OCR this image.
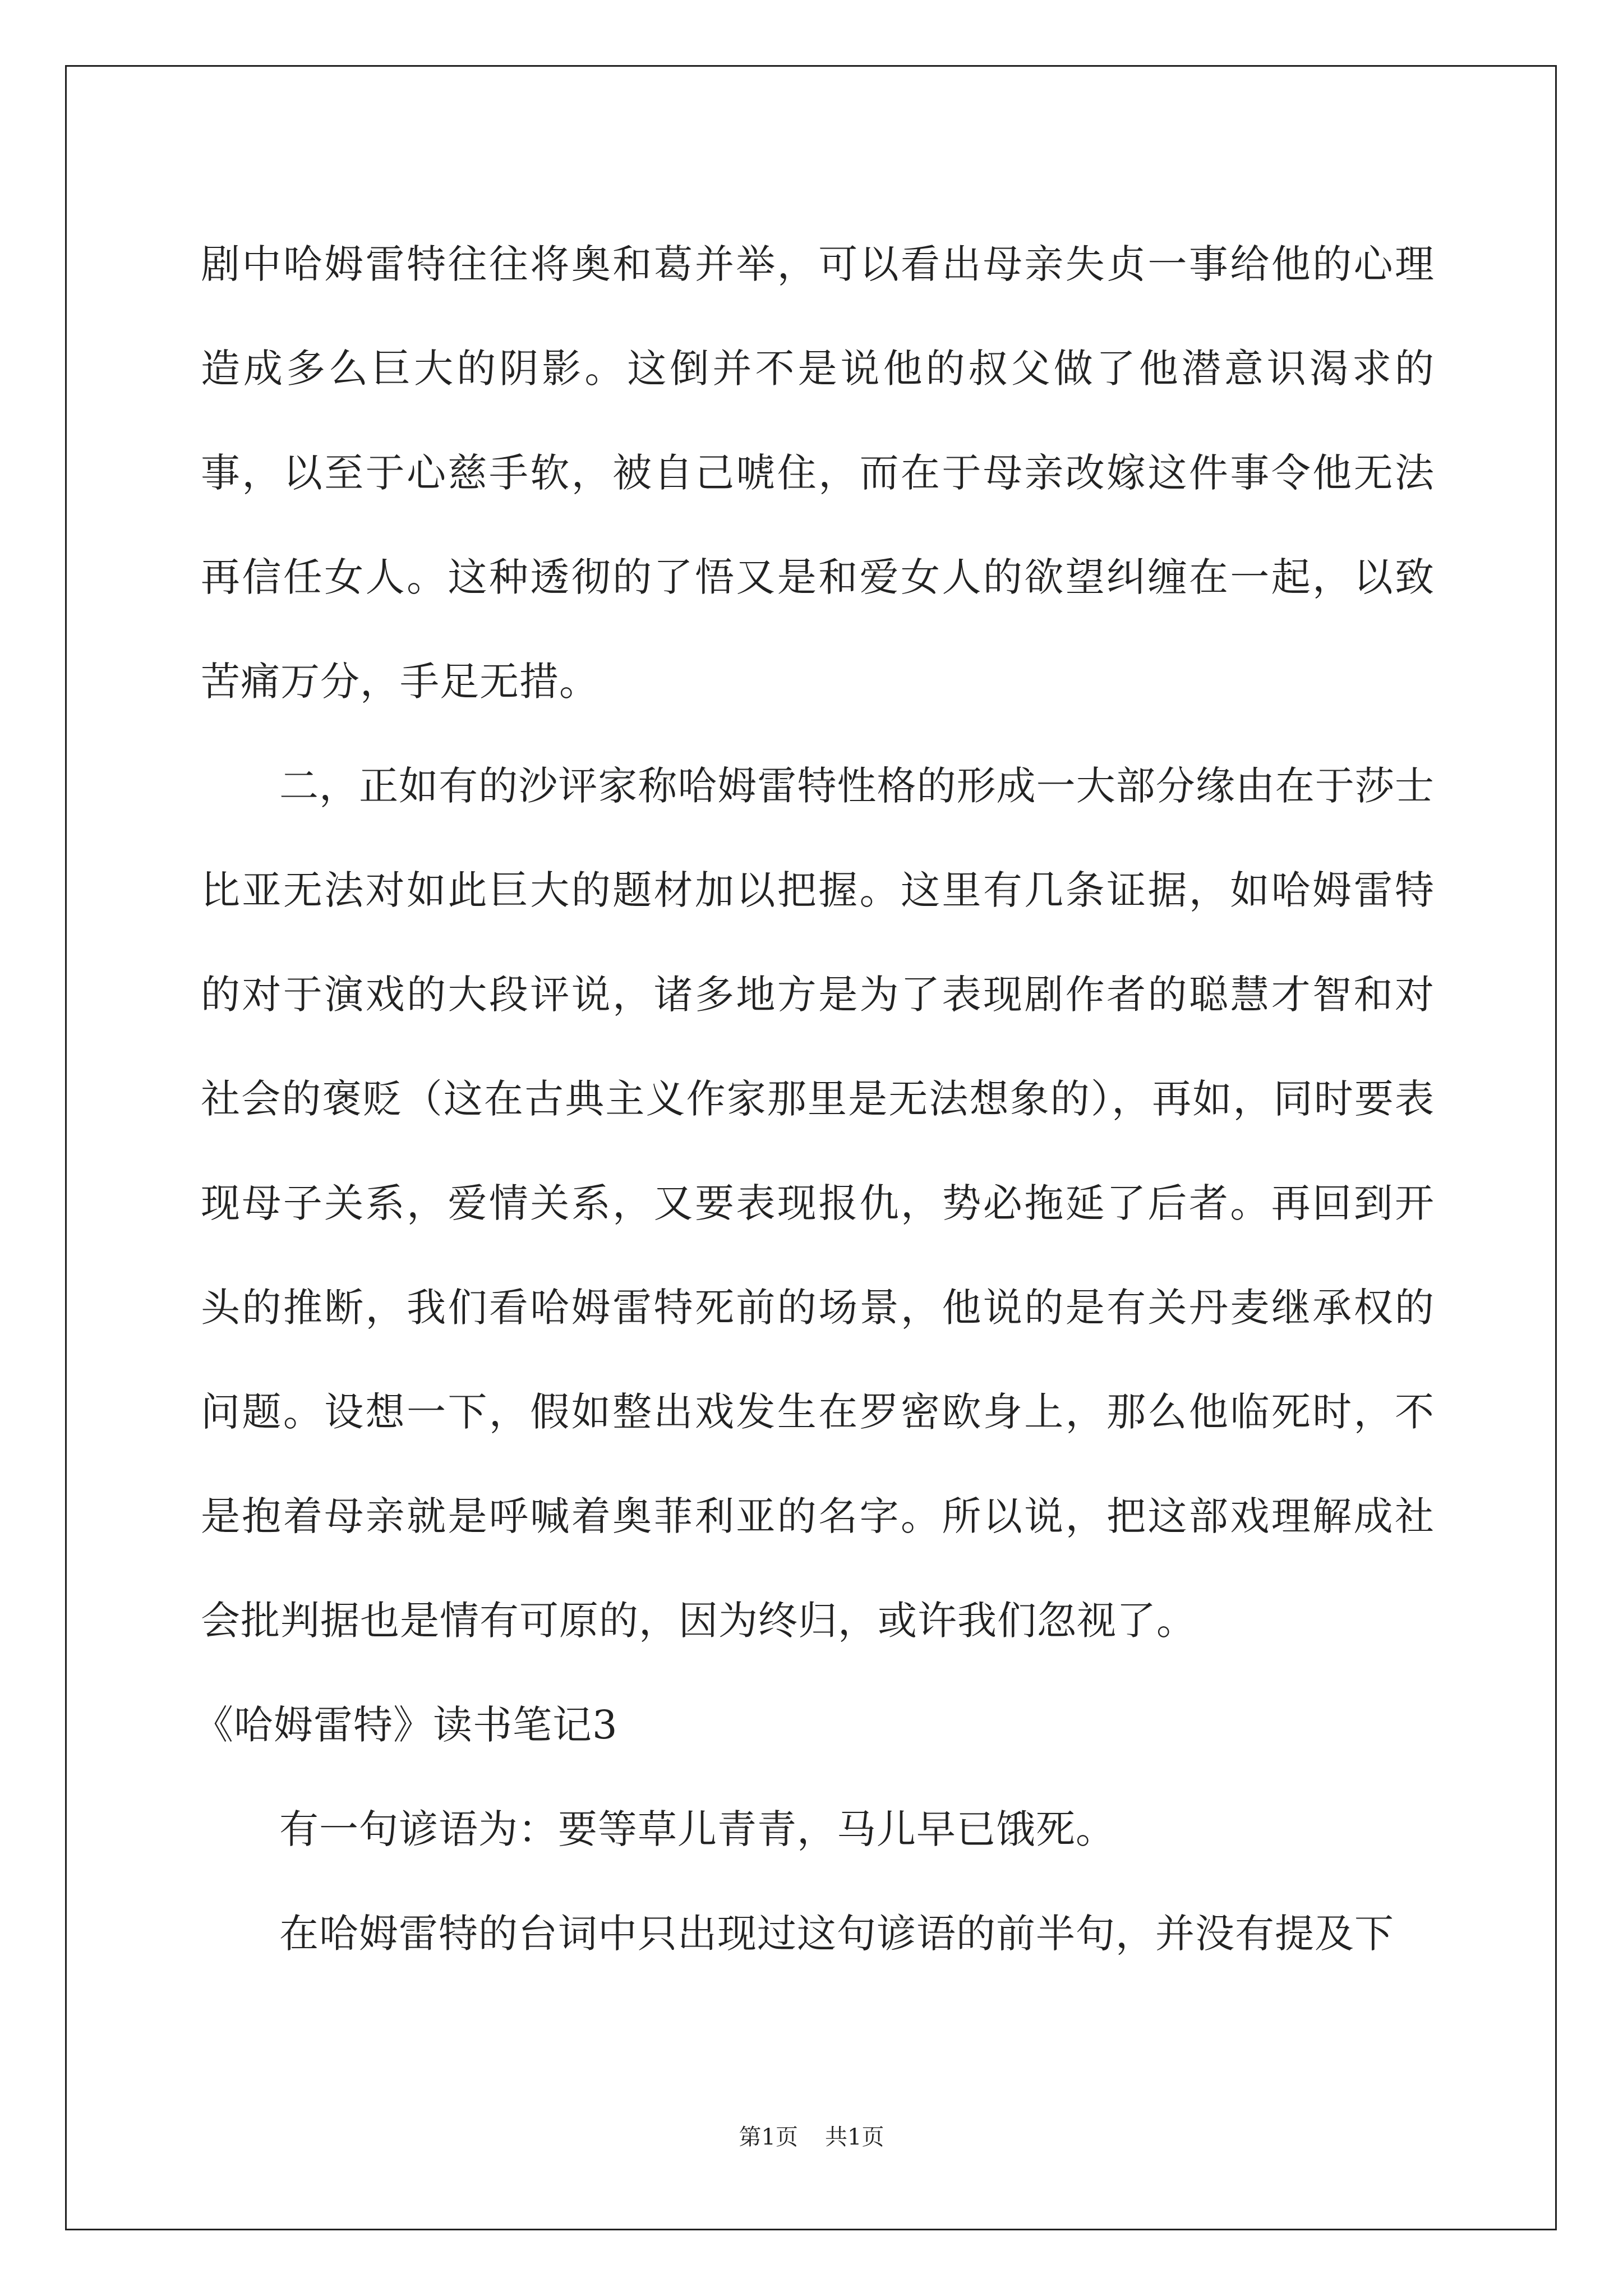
剧中哈姆雷特往往将奥和葛并举，可以看出母亲失贞一事给他的心理造成多么巨大的阴影。这倒并不是说他的叔父做了他潜意识渴求的事，以至于心慈手软，被自己唬住，而在于母亲改嫁这件事令他无法再信任女人。这种透彻的了悟又是和爱女人的欲望纠缠在一起，以致苦痛万分，手足无措。

二，正如有的沙评家称哈姆雷特性格的形成一大部分缘由在于莎士比亚无法对如此巨大的题材加以把握。这里有几条证据，如哈姆雷特的对于演戏的大段评说，诸多地方是为了表现剧作者的聪慧才智和对社会的褒贬（这在古典主义作家那里是无法想象的），再如，同时要表现母子关系，爱情关系，又要表现报仇，势必拖延了后者。再回到开头的推断，我们看哈姆雷特死前的场景，他说的是有关丹麦继承权的问题。设想一下，假如整出戏发生在罗密欧身上，那么他临死时，不是抱着母亲就是呼喊着奥菲利亚的名字。所以说，把这部戏理解成社会批判据也是情有可原的，因为终归，或许我们忽视了。

《哈姆雷特》读书笔记3

有一句谚语为：要等草儿青青，马儿早已饿死。

在哈姆雷特的台词中只出现过这句谚语的前半句，并没有提及下

第1页 共1页
